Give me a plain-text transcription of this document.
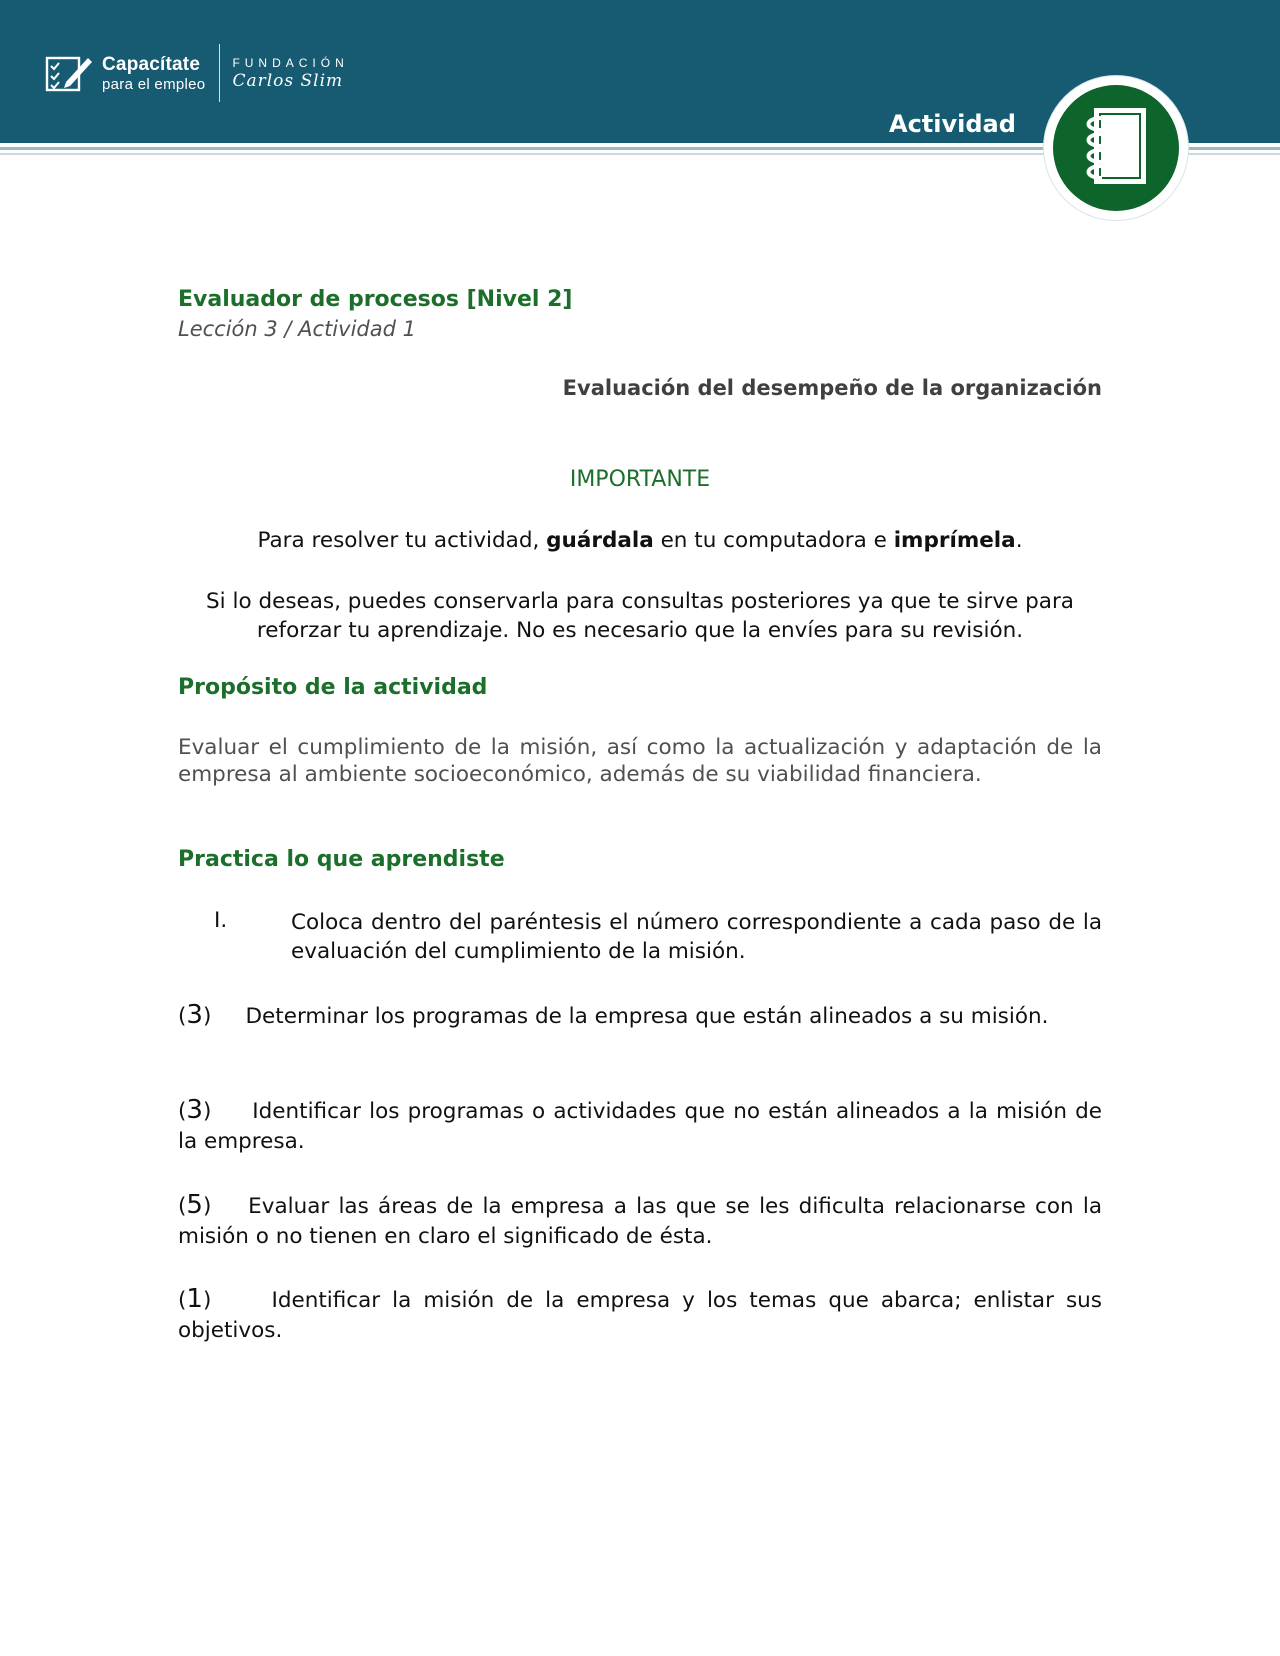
Capacítate
para el empleo
FUNDACIÓN
Carlos Slim
Actividad
Evaluador de procesos [Nivel 2]
Lección 3 / Actividad 1
Evaluación del desempeño de la organización
IMPORTANTE
Para resolver tu actividad, guárdala en tu computadora e imprímela.
Si lo deseas, puedes conservarla para consultas posteriores ya que te sirve para reforzar tu aprendizaje. No es necesario que la envíes para su revisión.
Propósito de la actividad
Evaluar el cumplimiento de la misión, así como la actualización y adaptación de la empresa al ambiente socioeconómico, además de su viabilidad financiera.
Practica lo que aprendiste
I.	Coloca dentro del paréntesis el número correspondiente a cada paso de la evaluación del cumplimiento de la misión.
(3) Determinar los programas de la empresa que están alineados a su misión.
(3) Identificar los programas o actividades que no están alineados a la misión de la empresa.
(5) Evaluar las áreas de la empresa a las que se les dificulta relacionarse con la misión o no tienen en claro el significado de ésta.
(1)	Identificar la misión de la empresa y los temas que abarca; enlistar sus objetivos.
